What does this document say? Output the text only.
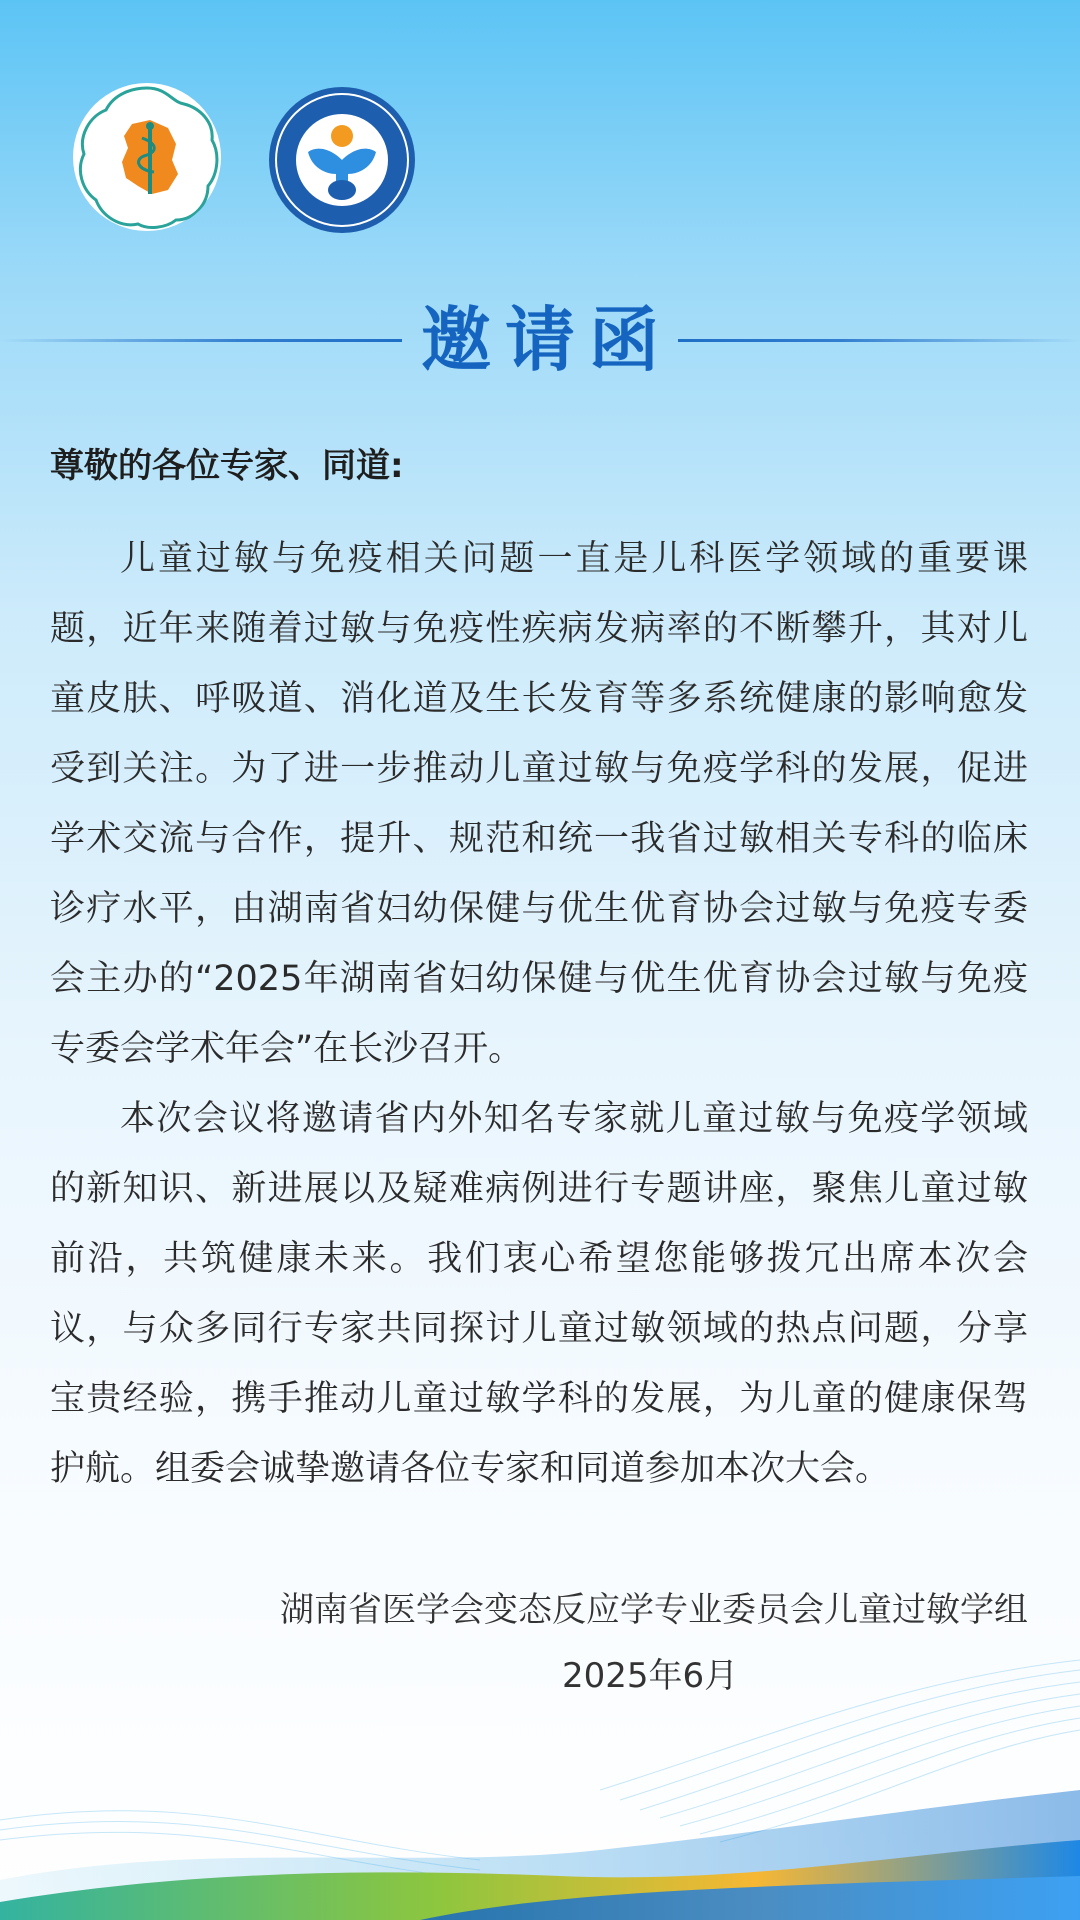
邀请函
尊敬的各位专家、同道:

儿童过敏与免疫相关问题一直是儿科医学领域的重要课题，近年来随着过敏与免疫性疾病发病率的不断攀升，其对儿童皮肤、呼吸道、消化道及生长发育等多系统健康的影响愈发受到关注。为了进一步推动儿童过敏与免疫学科的发展，促进学术交流与合作，提升、规范和统一我省过敏相关专科的临床诊疗水平，由湖南省妇幼保健与优生优育协会过敏与免疫专委会主办的“2025年湖南省妇幼保健与优生优育协会过敏与免疫专委会学术年会”在长沙召开。

本次会议将邀请省内外知名专家就儿童过敏与免疫学领域的新知识、新进展以及疑难病例进行专题讲座，聚焦儿童过敏前沿，共筑健康未来。我们衷心希望您能够拨冗出席本次会议，与众多同行专家共同探讨儿童过敏领域的热点问题，分享宝贵经验，携手推动儿童过敏学科的发展，为儿童的健康保驾护航。组委会诚挚邀请各位专家和同道参加本次大会。

湖南省医学会变态反应学专业委员会儿童过敏学组
2025年6月
